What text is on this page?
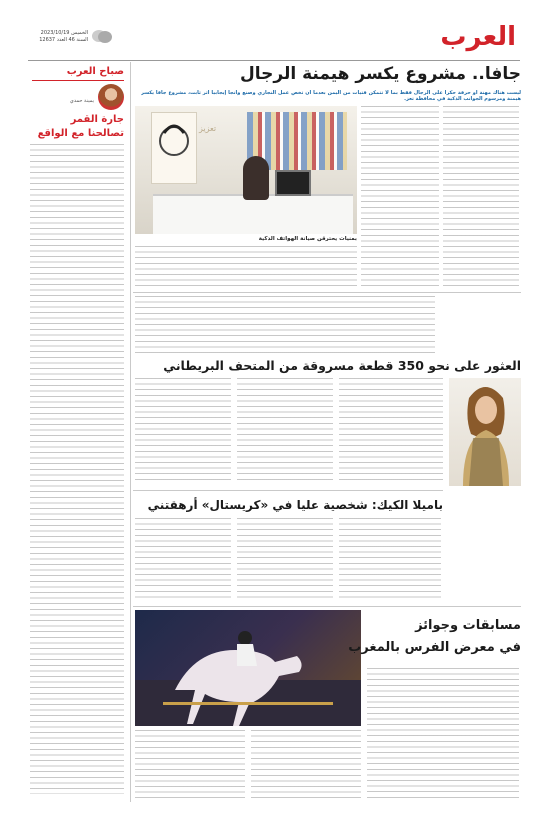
العرب
الخميس 2023/10/19
السنة 46 العدد 12637
صباح العرب
يمينة حمدي
جارة القمر
تصالحنا مع الواقع
جافا.. مشروع يكسر هيمنة الرجال
ليست هناك مهنة أو حرفة حكرا على الرجال فقط بما لا تتمكن فتيات من اليمن بعدما ان تخص عمل النجاري وصنع وانجا إيجابيا أثر ثابت، مشروع جافا يكسر هيمنة ومرسوم الجوانب الذكية في محافظة تعز.
تعزيز
بمنيات يحترقن صيانة الهواتف الذكية
العثور على نحو 350 قطعة مسروقة من المتحف البريطاني
باميلا الكيك: شخصية عليا في «كريستال» أرهقتني
مسابقات وجوائز
في معرض الفرس بالمغرب
